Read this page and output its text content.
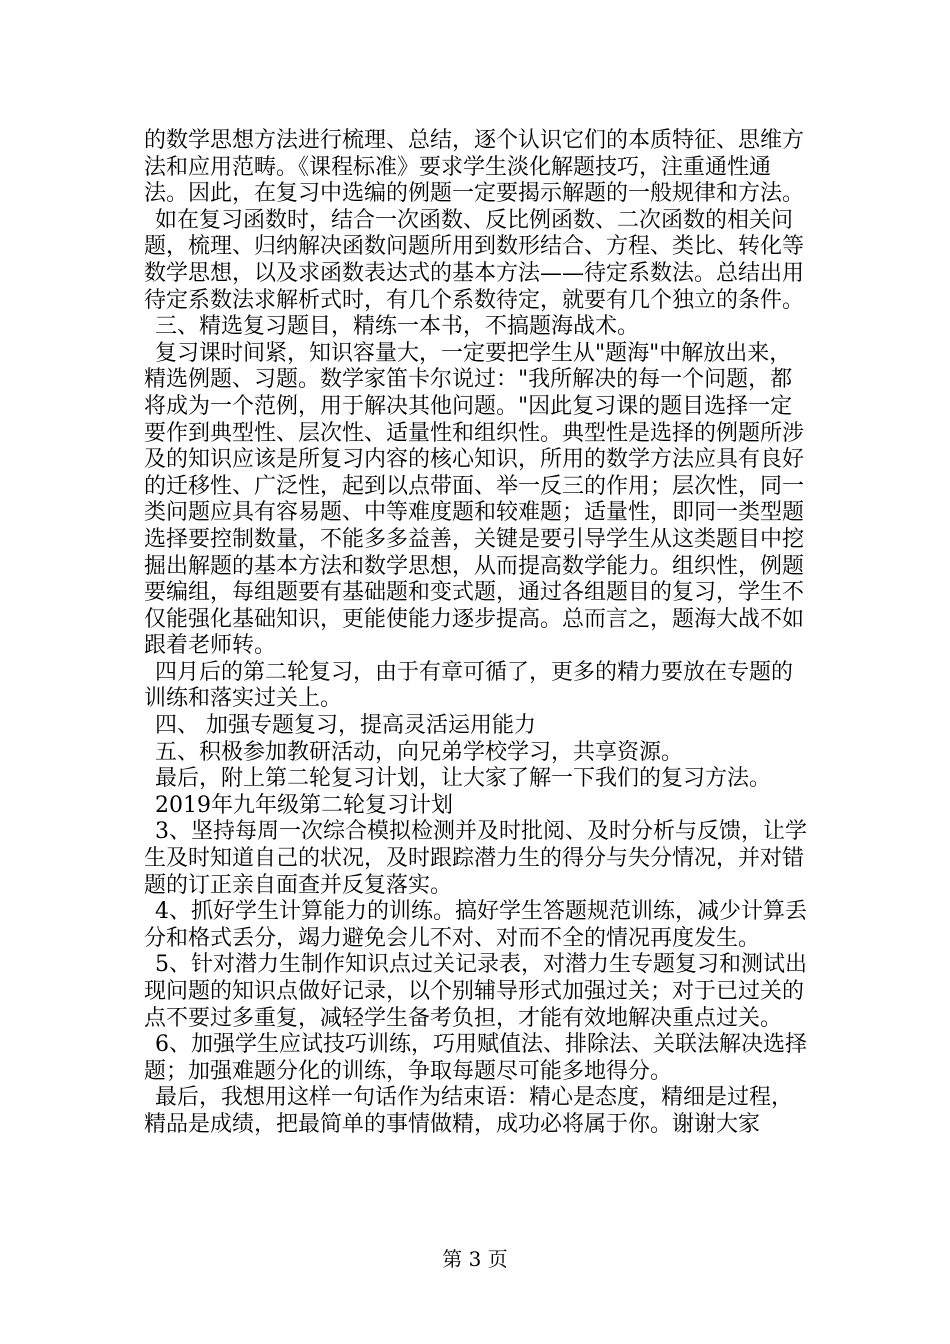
的数学思想方法进行梳理、总结，逐个认识它们的本质特征、思维方法和应用范畴。《课程标准》要求学生淡化解题技巧，注重通性通法。因此，在复习中选编的例题一定要揭示解题的一般规律和方法。

如在复习函数时，结合一次函数、反比例函数、二次函数的相关问题，梳理、归纳解决函数问题所用到数形结合、方程、类比、转化等数学思想，以及求函数表达式的基本方法——待定系数法。总结出用待定系数法求解析式时，有几个系数待定，就要有几个独立的条件。

三、精选复习题目，精练一本书，不搞题海战术。

复习课时间紧，知识容量大，一定要把学生从"题海"中解放出来，精选例题、习题。数学家笛卡尔说过："我所解决的每一个问题，都将成为一个范例，用于解决其他问题。"因此复习课的题目选择一定要作到典型性、层次性、适量性和组织性。典型性是选择的例题所涉及的知识应该是所复习内容的核心知识，所用的数学方法应具有良好的迁移性、广泛性，起到以点带面、举一反三的作用；层次性，同一类问题应具有容易题、中等难度题和较难题；适量性，即同一类型题选择要控制数量，不能多多益善，关键是要引导学生从这类题目中挖掘出解题的基本方法和数学思想，从而提高数学能力。组织性，例题要编组，每组题要有基础题和变式题，通过各组题目的复习，学生不仅能强化基础知识，更能使能力逐步提高。总而言之，题海大战不如跟着老师转。

四月后的第二轮复习，由于有章可循了，更多的精力要放在专题的训练和落实过关上。

四、 加强专题复习，提高灵活运用能力

五、积极参加教研活动，向兄弟学校学习，共享资源。

最后，附上第二轮复习计划，让大家了解一下我们的复习方法。

2019年九年级第二轮复习计划

3、坚持每周一次综合模拟检测并及时批阅、及时分析与反馈，让学生及时知道自己的状况，及时跟踪潜力生的得分与失分情况，并对错题的订正亲自面查并反复落实。

4、抓好学生计算能力的训练。搞好学生答题规范训练，减少计算丢分和格式丢分，竭力避免会儿不对、对而不全的情况再度发生。

5、针对潜力生制作知识点过关记录表，对潜力生专题复习和测试出现问题的知识点做好记录，以个别辅导形式加强过关；对于已过关的点不要过多重复，减轻学生备考负担，才能有效地解决重点过关。

6、加强学生应试技巧训练，巧用赋值法、排除法、关联法解决选择题；加强难题分化的训练，争取每题尽可能多地得分。

最后，我想用这样一句话作为结束语：精心是态度，精细是过程，精品是成绩，把最简单的事情做精，成功必将属于你。谢谢大家

第 3 页
